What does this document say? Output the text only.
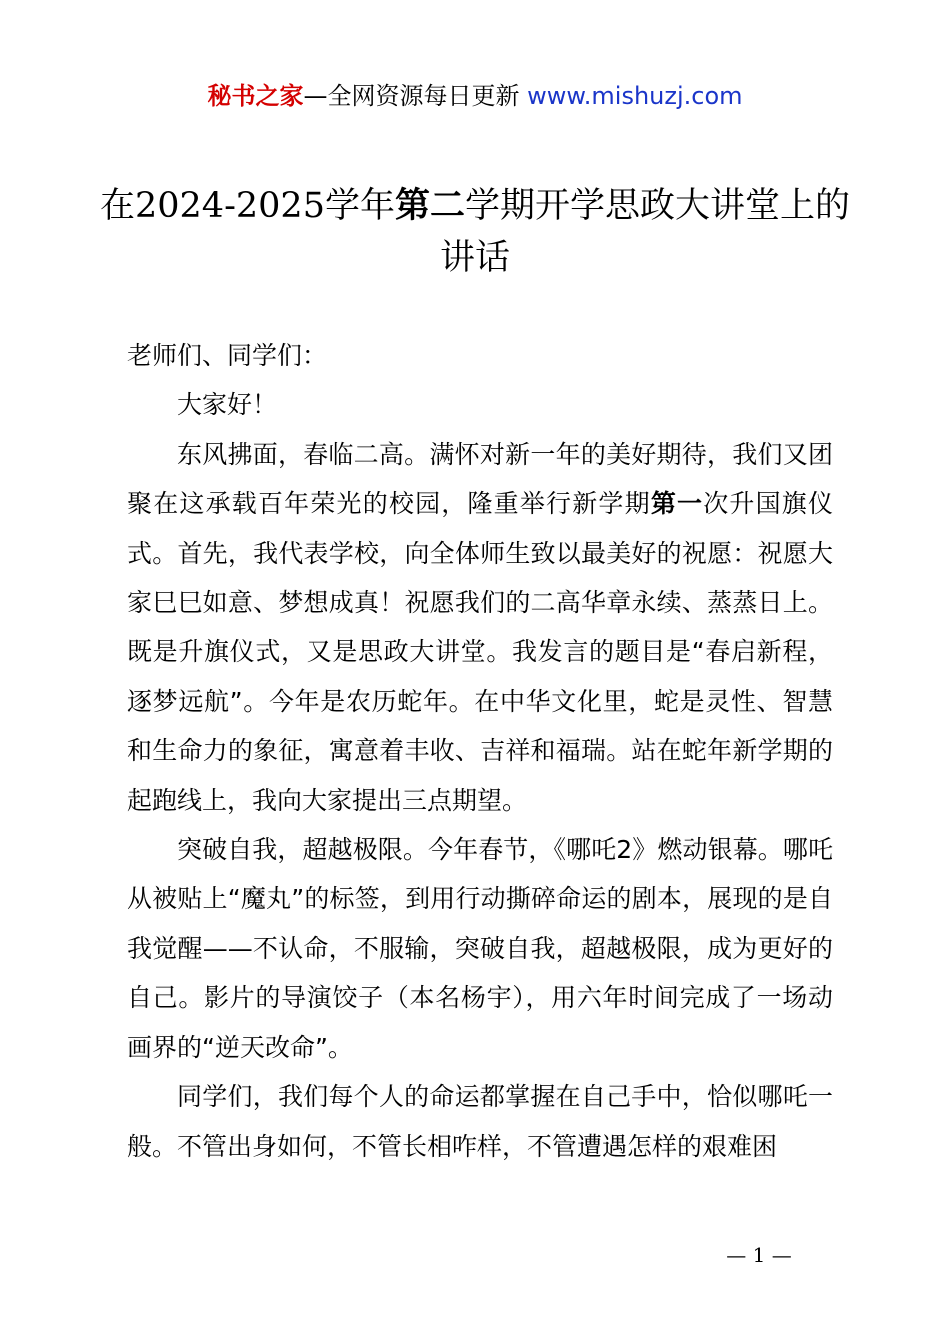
秘书之家—全网资源每日更新 www.mishuzj.com
在2024-2025学年第二学期开学思政大讲堂上的讲话

老师们、同学们：

大家好！

东风拂面，春临二高。满怀对新一年的美好期待，我们又团聚在这承载百年荣光的校园，隆重举行新学期第一次升国旗仪式。首先，我代表学校，向全体师生致以最美好的祝愿：祝愿大家巳巳如意、梦想成真！祝愿我们的二高华章永续、蒸蒸日上。既是升旗仪式，又是思政大讲堂。我发言的题目是“春启新程，逐梦远航”。今年是农历蛇年。在中华文化里，蛇是灵性、智慧和生命力的象征，寓意着丰收、吉祥和福瑞。站在蛇年新学期的起跑线上，我向大家提出三点期望。

突破自我，超越极限。今年春节，《哪吒2》燃动银幕。哪吒从被贴上“魔丸”的标签，到用行动撕碎命运的剧本，展现的是自我觉醒——不认命，不服输，突破自我，超越极限，成为更好的自己。影片的导演饺子（本名杨宇），用六年时间完成了一场动画界的“逆天改命”。

同学们，我们每个人的命运都掌握在自己手中，恰似哪吒一般。不管出身如何，不管长相咋样，不管遭遇怎样的艰难困

— 1 —
